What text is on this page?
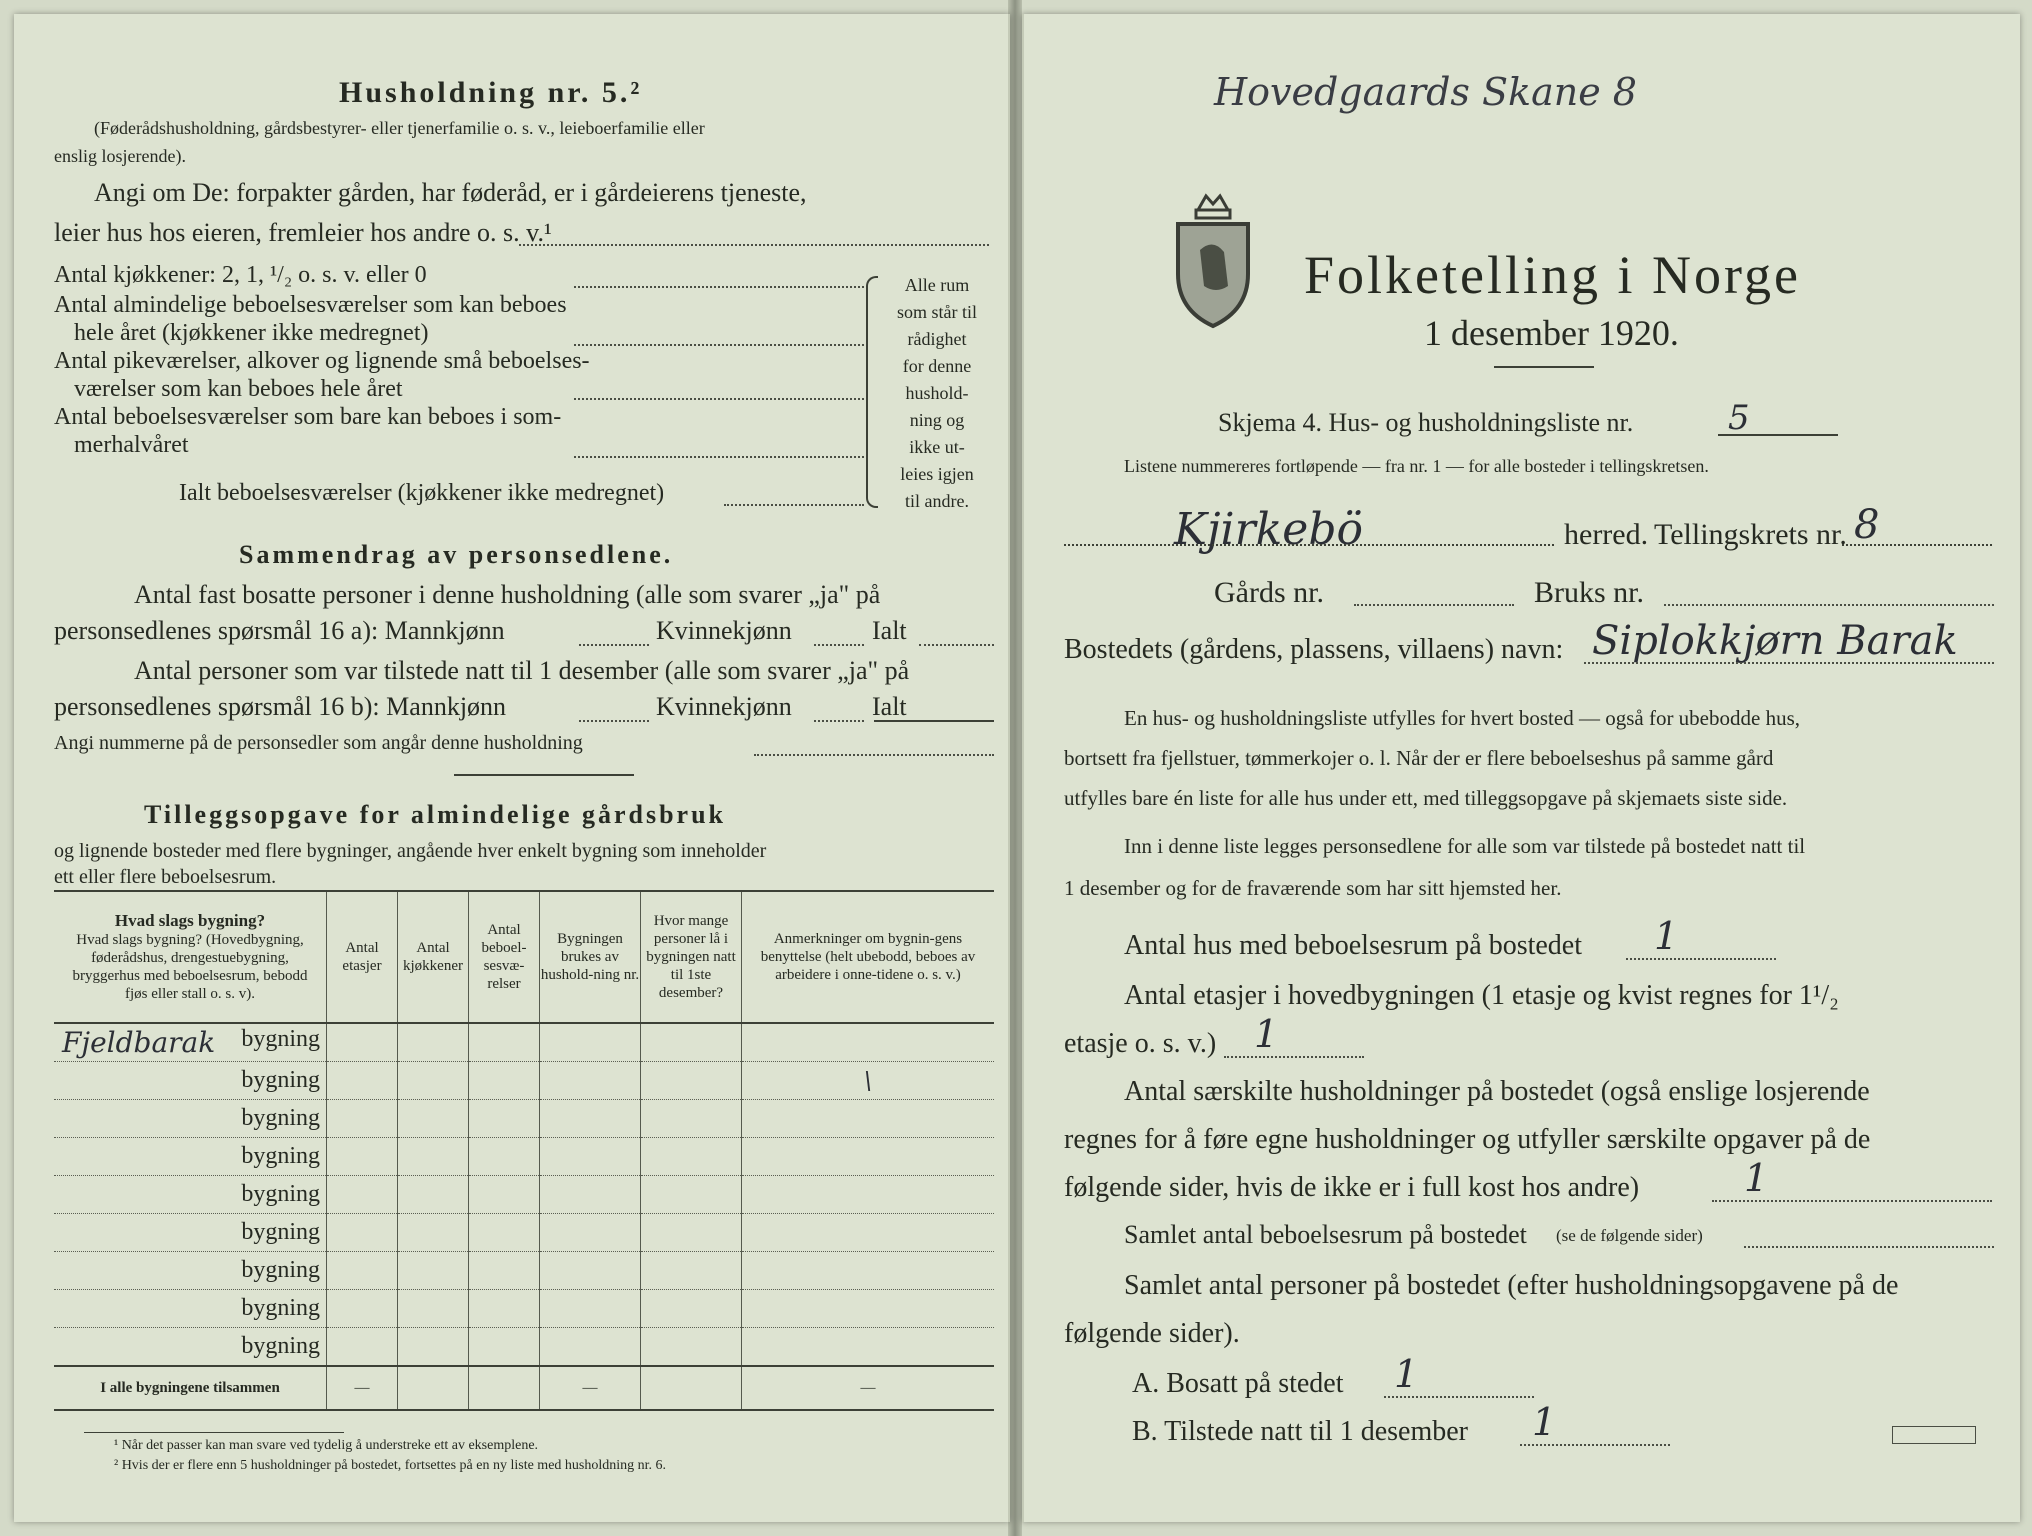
Husholdning nr. 5.²
(Føderådshusholdning, gårdsbestyrer- eller tjenerfamilie o. s. v., leieboerfamilie eller
enslig losjerende).
Angi om De: forpakter gården, har føderåd, er i gårdeierens tjeneste,
leier hus hos eieren, fremleier hos andre o. s. v.¹
Antal kjøkkener: 2, 1, ¹/₂ o. s. v. eller 0
Antal almindelige beboelsesværelser som kan beboes
hele året (kjøkkener ikke medregnet)
Antal pikeværelser, alkover og lignende små beboelses-
værelser som kan beboes hele året
Antal beboelsesværelser som bare kan beboes i som-
merhalvåret
Ialt beboelsesværelser (kjøkkener ikke medregnet)
Alle rum
som står til
rådighet
for denne
hushold-
ning og
ikke ut-
leies igjen
til andre.
Sammendrag av personsedlene.
Antal fast bosatte personer i denne husholdning (alle som svarer „ja" på
personsedlenes spørsmål 16 a): Mannkjønn	Kvinnekjønn	Ialt
Antal personer som var tilstede natt til 1 desember (alle som svarer „ja" på
personsedlenes spørsmål 16 b): Mannkjønn	Kvinnekjønn	Ialt
Angi nummerne på de personsedler som angår denne husholdning
Tilleggsopgave for almindelige gårdsbruk
og lignende bosteder med flere bygninger, angående hver enkelt bygning som inneholder
ett eller flere beboelsesrum.
Hvad slags bygning?

Hvad slags bygning? (Hovedbygning, føderådshus, drengestuebygning, bryggerhus med beboelsesrum, bebodd fjøs eller stall o. s. v).	Antal etasjer	Antal kjøkkener	Antal beboel-sesvæ-relser	Bygningen brukes av hushold-ning nr.	Hvor mange personer lå i bygningen natt til 1ste desember?	Anmerkninger om bygnin-gens benyttelse (helt ubebodd, beboes av arbeidere i onne-tidene o. s. v.)

Fjeldbarak bygning						
bygning						\
bygning						
bygning						
bygning						
bygning						
bygning						
bygning						
bygning						
I alle bygningene tilsammen	—			—		—
¹ Når det passer kan man svare ved tydelig å understreke ett av eksemplene.
² Hvis der er flere enn 5 husholdninger på bostedet, fortsettes på en ny liste med husholdning nr. 6.
Hovedgaards Skane 8
Folketelling i Norge
1 desember 1920.
Skjema 4. Hus- og husholdningsliste nr.	5
Listene nummereres fortløpende — fra nr. 1 — for alle bosteder i tellingskretsen.
Kjirkebö	herred. Tellingskrets nr. 8
Gårds nr.	Bruks nr.
Bostedets (gårdens, plassens, villaens) navn: Siplokkjørn Barak
En hus- og husholdningsliste utfylles for hvert bosted — også for ubebodde hus,
bortsett fra fjellstuer, tømmerkojer o. l. Når der er flere beboelseshus på samme gård
utfylles bare én liste for alle hus under ett, med tilleggsopgave på skjemaets siste side.
Inn i denne liste legges personsedlene for alle som var tilstede på bostedet natt til
1 desember og for de fraværende som har sitt hjemsted her.
Antal hus med beboelsesrum på bostedet 1
Antal etasjer i hovedbygningen (1 etasje og kvist regnes for 1¹/₂
etasje o. s. v.) 1
Antal særskilte husholdninger på bostedet (også enslige losjerende
regnes for å føre egne husholdninger og utfyller særskilte opgaver på de
følgende sider, hvis de ikke er i full kost hos andre)	1
Samlet antal beboelsesrum på bostedet (se de følgende sider)
Samlet antal personer på bostedet (efter husholdningsopgavene på de
følgende sider).
A. Bosatt på stedet 1
B. Tilstede natt til 1 desember 1
